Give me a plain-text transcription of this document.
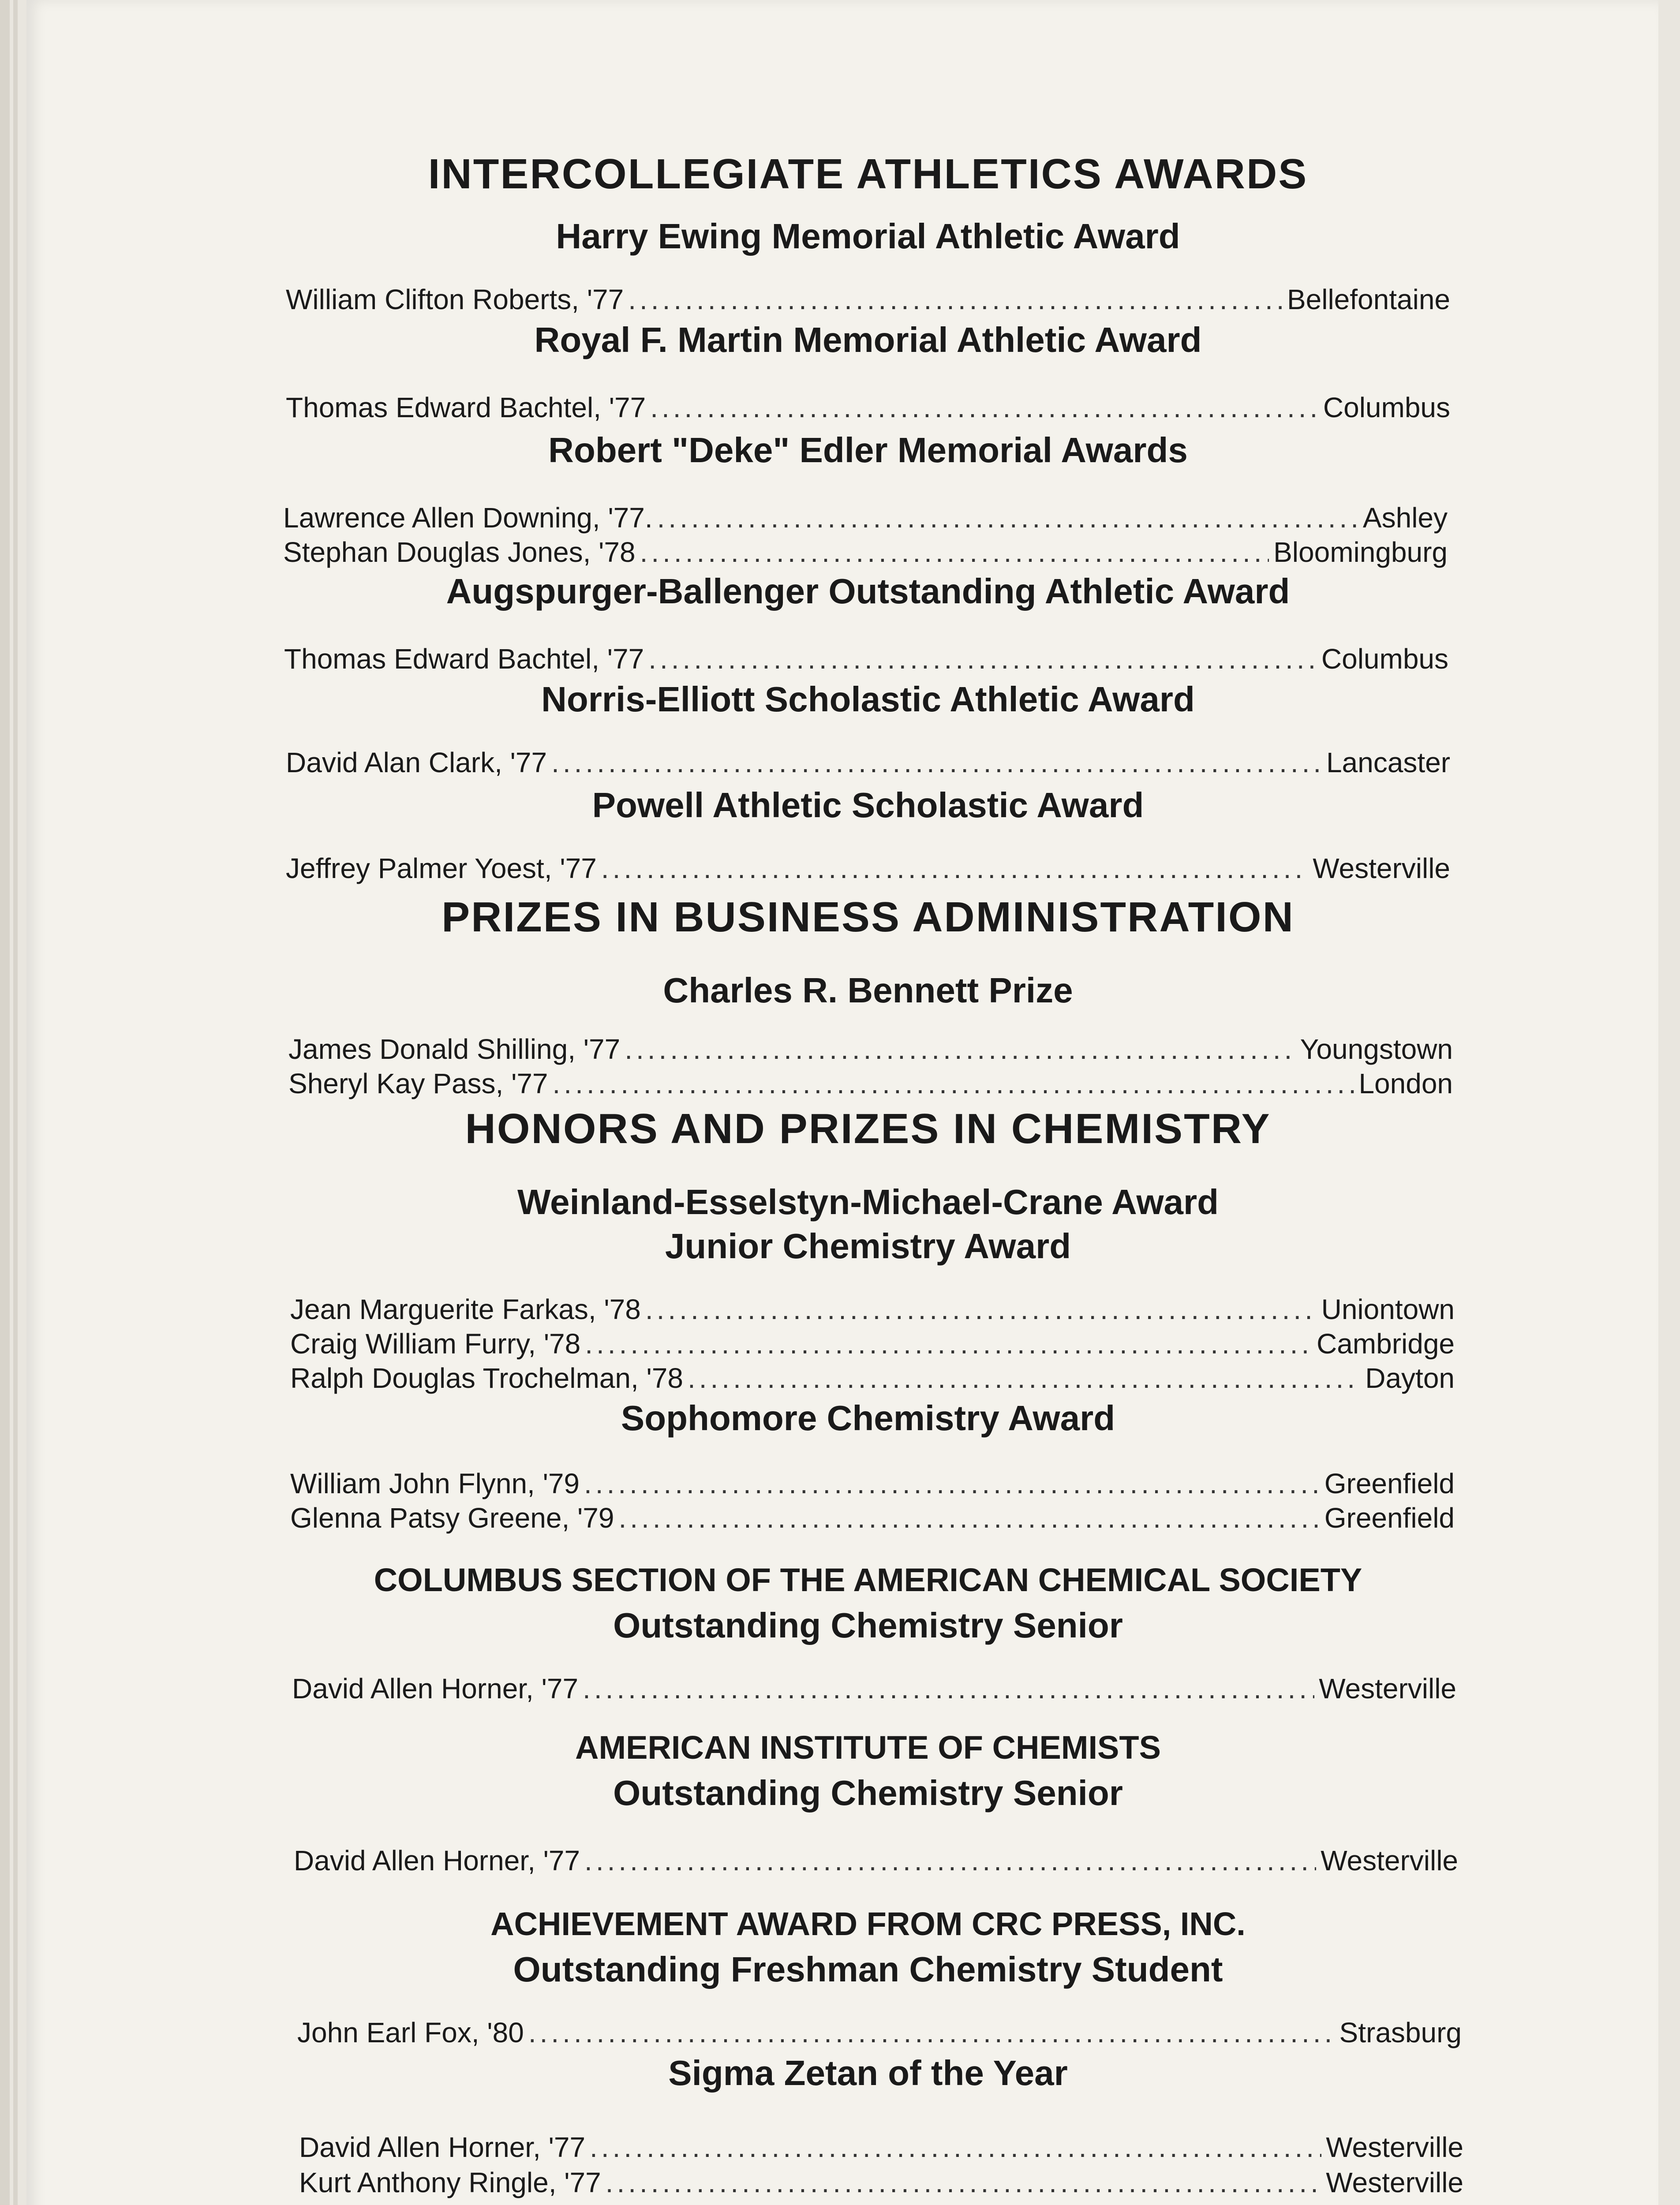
INTERCOLLEGIATE ATHLETICS AWARDS
Harry Ewing Memorial Athletic Award
William Clifton Roberts, '77 .....	Bellefontaine
Royal F. Martin Memorial Athletic Award
Thomas Edward Bachtel, '77 .....	Columbus
Robert "Deke" Edler Memorial Awards
Lawrence Allen Downing, '77. .....	Ashley
Stephan Douglas Jones, '78 .....	Bloomingburg
Augspurger-Ballenger Outstanding Athletic Award
Thomas Edward Bachtel, '77 .....	Columbus
Norris-Elliott Scholastic Athletic Award
David Alan Clark, '77 .....	Lancaster
Powell Athletic Scholastic Award
Jeffrey Palmer Yoest, '77 .....	Westerville
PRIZES IN BUSINESS ADMINISTRATION
Charles R. Bennett Prize
James Donald Shilling, '77 .....	Youngstown
Sheryl Kay Pass, '77 .....	London
HONORS AND PRIZES IN CHEMISTRY
Weinland-Esselstyn-Michael-Crane Award
Junior Chemistry Award
Jean Marguerite Farkas, '78 .....	Uniontown
Craig William Furry, '78 .....	Cambridge
Ralph Douglas Trochelman, '78 .....	Dayton
Sophomore Chemistry Award
William John Flynn, '79 .....	Greenfield
Glenna Patsy Greene, '79 .....	Greenfield
COLUMBUS SECTION OF THE AMERICAN CHEMICAL SOCIETY
Outstanding Chemistry Senior
David Allen Horner, '77 .....	Westerville
AMERICAN INSTITUTE OF CHEMISTS
Outstanding Chemistry Senior
David Allen Horner, '77 .....	Westerville
ACHIEVEMENT AWARD FROM CRC PRESS, INC.
Outstanding Freshman Chemistry Student
John Earl Fox, '80 .....	Strasburg
Sigma Zetan of the Year
David Allen Horner, '77 .....	Westerville
Kurt Anthony Ringle, '77 .....	Westerville
